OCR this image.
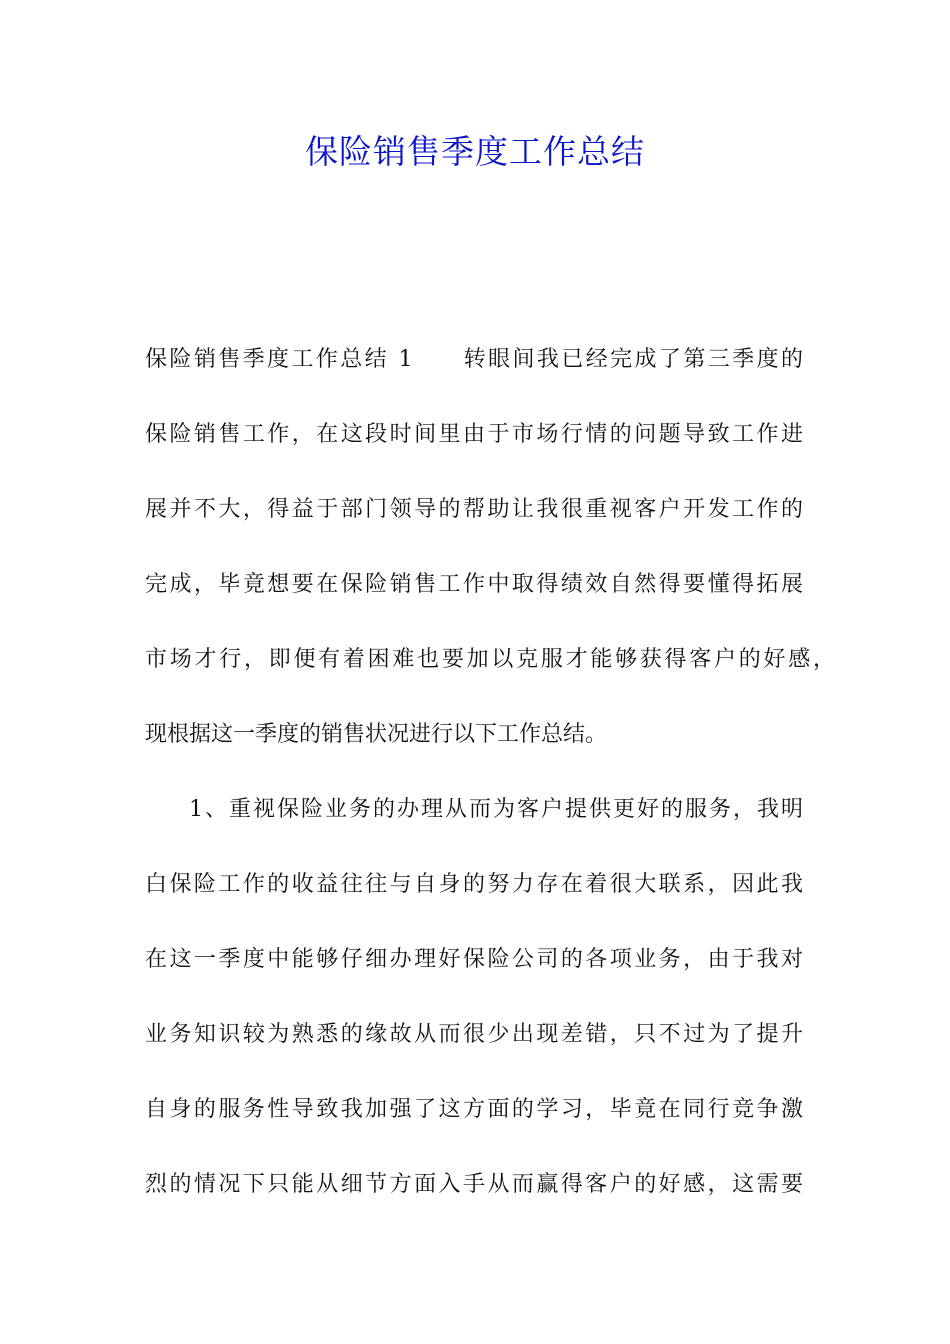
保险销售季度工作总结
保险销售季度工作总结 1　　转眼间我已经完成了第三季度的
保险销售工作，在这段时间里由于市场行情的问题导致工作进
展并不大，得益于部门领导的帮助让我很重视客户开发工作的
完成，毕竟想要在保险销售工作中取得绩效自然得要懂得拓展
市场才行，即便有着困难也要加以克服才能够获得客户的好感，
现根据这一季度的销售状况进行以下工作总结。
1、重视保险业务的办理从而为客户提供更好的服务，我明
白保险工作的收益往往与自身的努力存在着很大联系，因此我
在这一季度中能够仔细办理好保险公司的各项业务，由于我对
业务知识较为熟悉的缘故从而很少出现差错，只不过为了提升
自身的服务性导致我加强了这方面的学习，毕竟在同行竞争激
烈的情况下只能从细节方面入手从而赢得客户的好感，这需要
